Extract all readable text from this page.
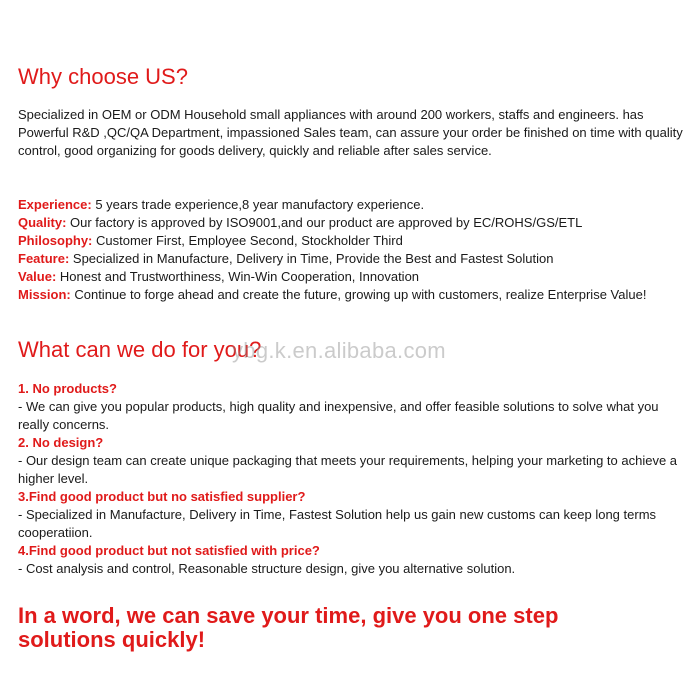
Why choose US?
Specialized in OEM or ODM Household small appliances with around 200 workers, staffs and engineers. has Powerful R&D ,QC/QA Department, impassioned Sales team, can assure your order be finished on time with quality control, good organizing for goods delivery, quickly and reliable after sales service.

Experience: 5 years trade experience,8 year manufactory experience.

Quality: Our factory is approved by ISO9001,and our product are approved by EC/ROHS/GS/ETL

Philosophy: Customer First, Employee Second, Stockholder Third

Feature: Specialized in Manufacture, Delivery in Time, Provide the Best and Fastest Solution

Value: Honest and Trustworthiness, Win-Win Cooperation, Innovation

Mission: Continue to forge ahead and create the future, growing up with customers, realize Enterprise Value!

What can we do for you?

1. No products?

- We can give you popular products, high quality and inexpensive, and offer feasible solutions to solve what you really concerns.

2. No design?

- Our design team can create unique packaging that meets your requirements, helping your marketing to achieve a higher level.

3.Find good product but no satisfied supplier?

- Specialized in Manufacture, Delivery in Time, Fastest Solution help us gain new customs can keep long terms cooperatiion.

4.Find good product but not satisfied with price?

- Cost analysis and control, Reasonable structure design, give you alternative solution.

In a word, we can save your time, give you one step solutions quickly!
ybg.k.en.alibaba.com
